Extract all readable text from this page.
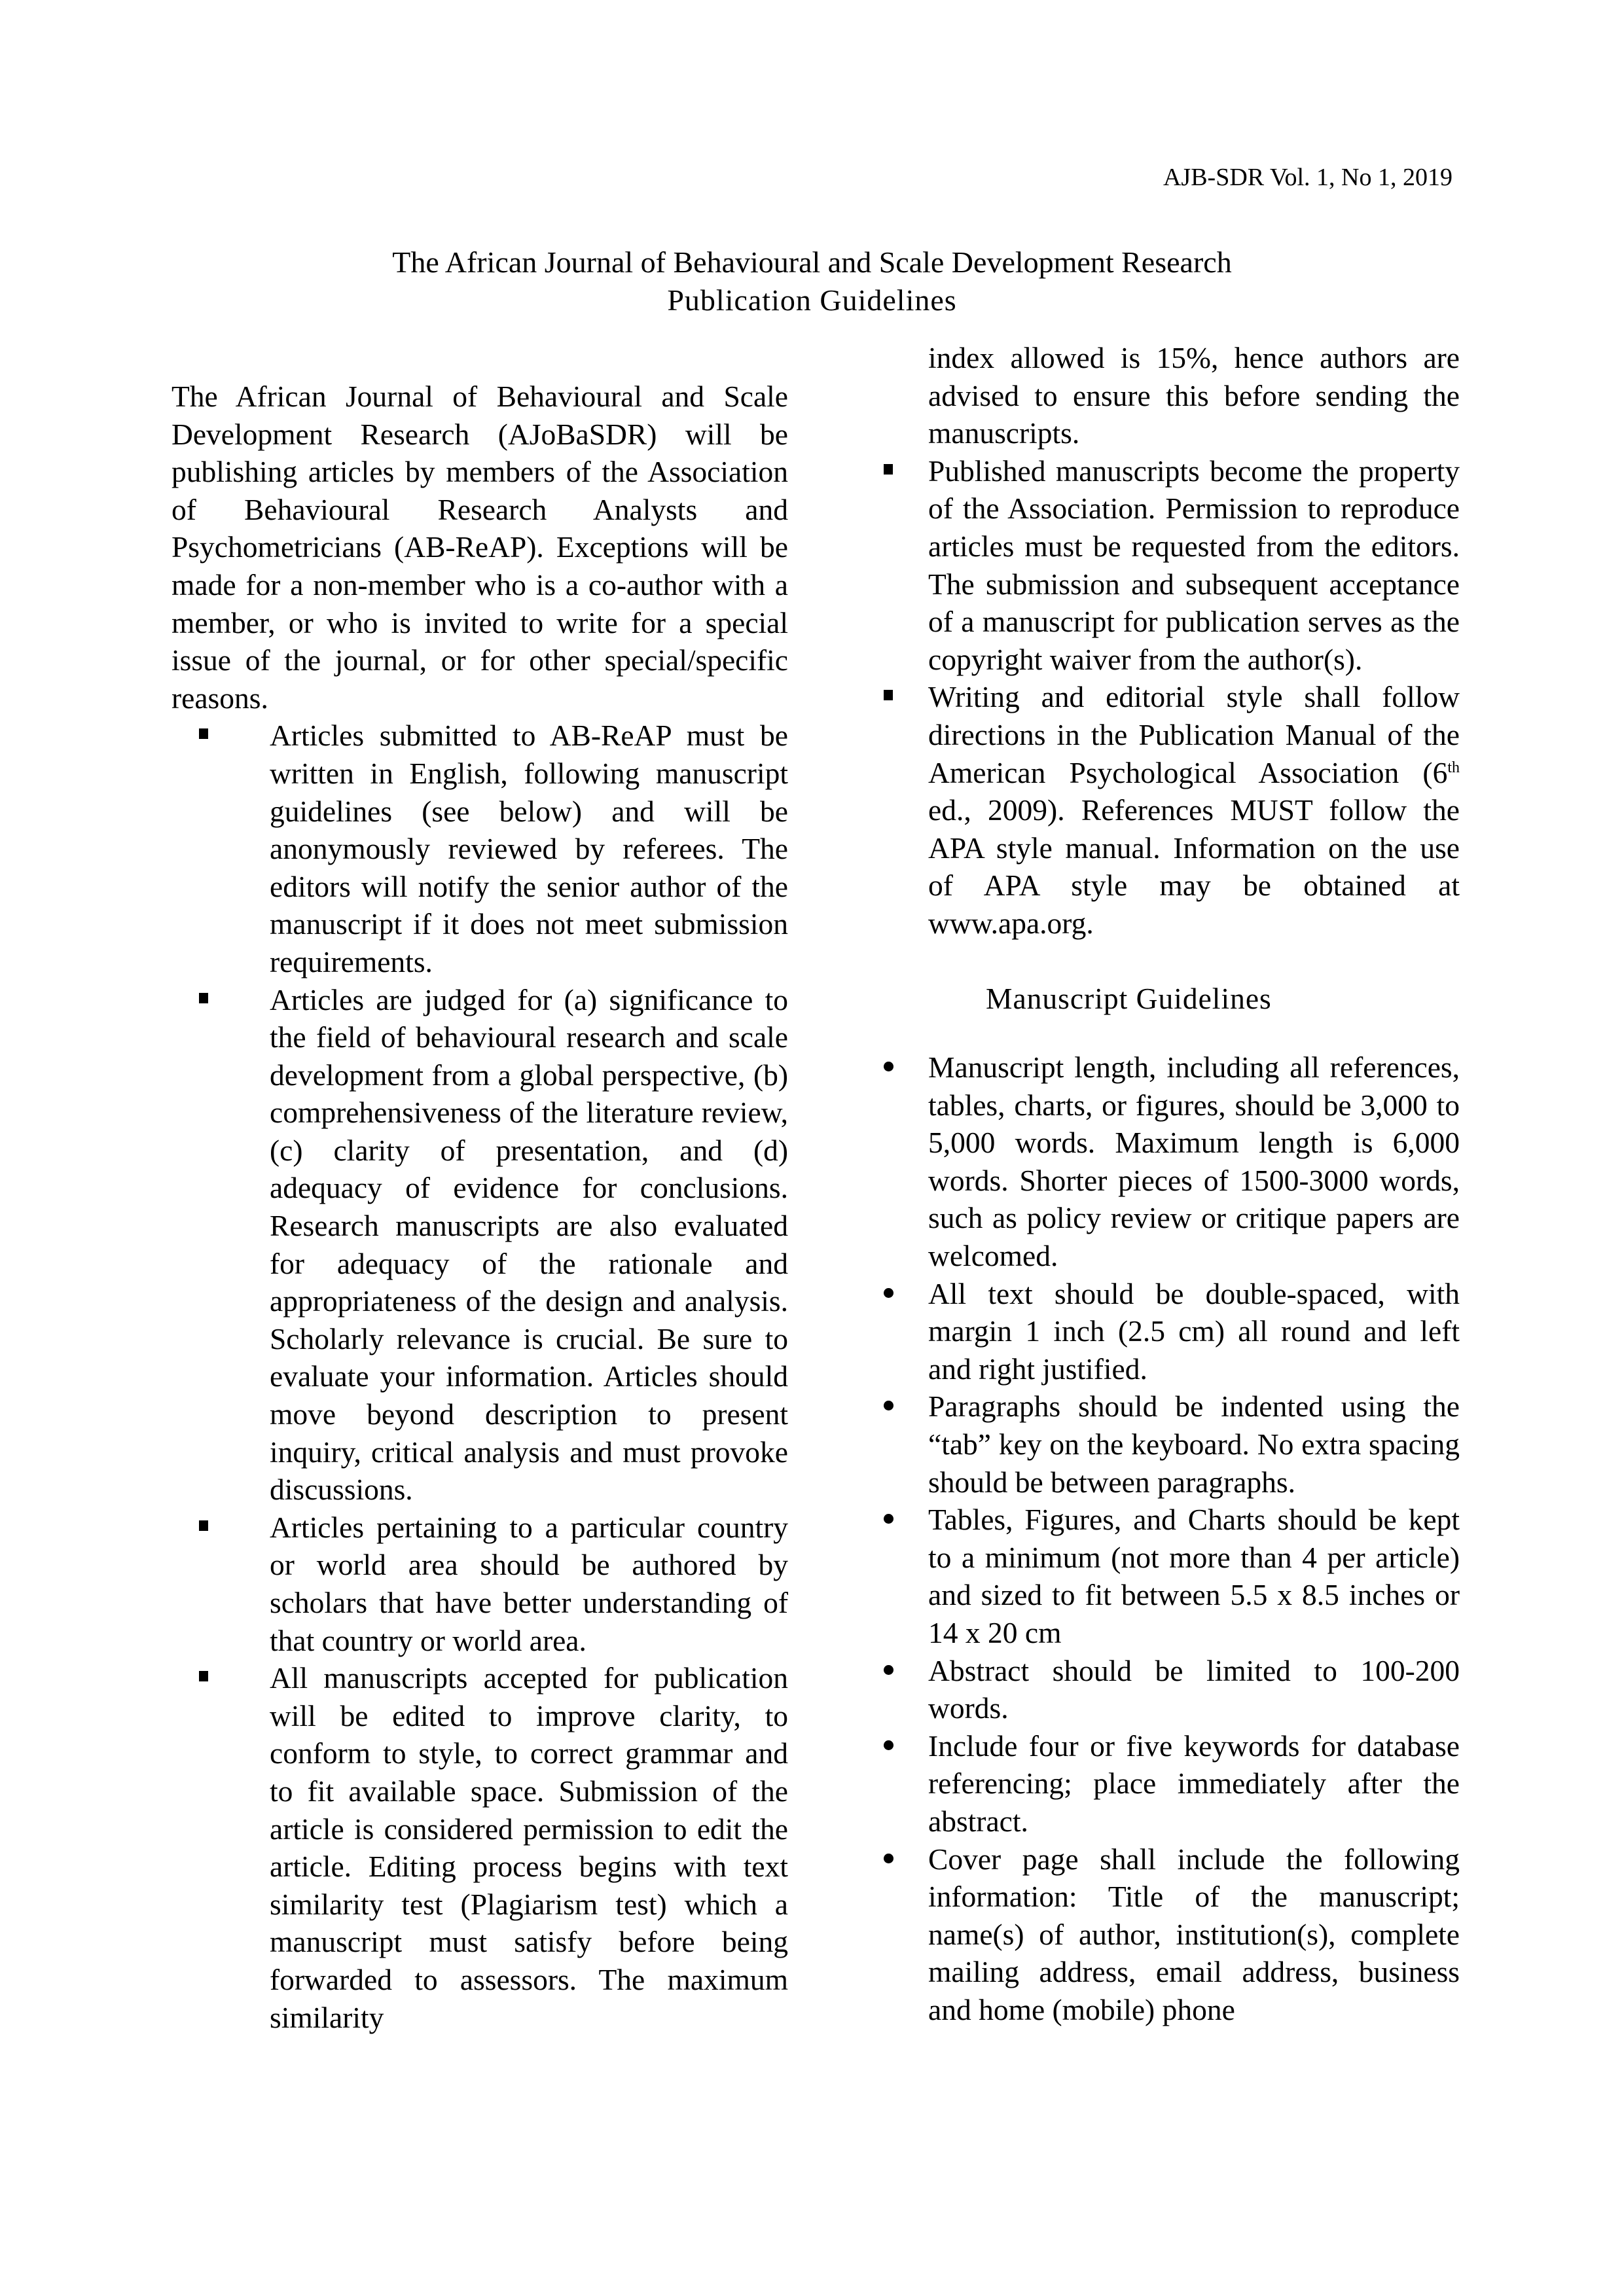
AJB-SDR Vol. 1, No 1, 2019
The African Journal of Behavioural and Scale Development Research
Publication Guidelines

The African Journal of Behavioural and Scale Development Research (AJoBaSDR) will be publishing articles by members of the Association of Behavioural Research Analysts and Psychometricians (AB-ReAP). Exceptions will be made for a non-member who is a co-author with a member, or who is invited to write for a special issue of the journal, or for other special/specific reasons.

Articles submitted to AB-ReAP must be written in English, following manuscript guidelines (see below) and will be anonymously reviewed by referees. The editors will notify the senior author of the manuscript if it does not meet submission requirements.
Articles are judged for (a) significance to the field of behavioural research and scale development from a global perspective, (b) comprehensiveness of the literature review, (c) clarity of presentation, and (d) adequacy of evidence for conclusions. Research manuscripts are also evaluated for adequacy of the rationale and appropriateness of the design and analysis. Scholarly relevance is crucial. Be sure to evaluate your information. Articles should move beyond description to present inquiry, critical analysis and must provoke discussions.
Articles pertaining to a particular country or world area should be authored by scholars that have better understanding of that country or world area.
All manuscripts accepted for publication will be edited to improve clarity, to conform to style, to correct grammar and to fit available space. Submission of the article is considered permission to edit the article. Editing process begins with text similarity test (Plagiarism test) which a manuscript must satisfy before being forwarded to assessors. The maximum similarity

index allowed is 15%, hence authors are advised to ensure this before sending the manuscripts.

Published manuscripts become the property of the Association. Permission to reproduce articles must be requested from the editors. The submission and subsequent acceptance of a manuscript for publication serves as the copyright waiver from the author(s).
Writing and editorial style shall follow directions in the Publication Manual of the American Psychological Association (6th ed., 2009). References MUST follow the APA style manual. Information on the use of APA style may be obtained at www.apa.org.
Manuscript Guidelines
Manuscript length, including all references, tables, charts, or figures, should be 3,000 to 5,000 words. Maximum length is 6,000 words. Shorter pieces of 1500-3000 words, such as policy review or critique papers are welcomed.
All text should be double-spaced, with margin 1 inch (2.5 cm) all round and left and right justified.
Paragraphs should be indented using the “tab” key on the keyboard. No extra spacing should be between paragraphs.
Tables, Figures, and Charts should be kept to a minimum (not more than 4 per article) and sized to fit between 5.5 x 8.5 inches or 14 x 20 cm
Abstract should be limited to 100-200 words.
Include four or five keywords for database referencing; place immediately after the abstract.
Cover page shall include the following information: Title of the manuscript; name(s) of author, institution(s), complete mailing address, email address, business and home (mobile) phone
